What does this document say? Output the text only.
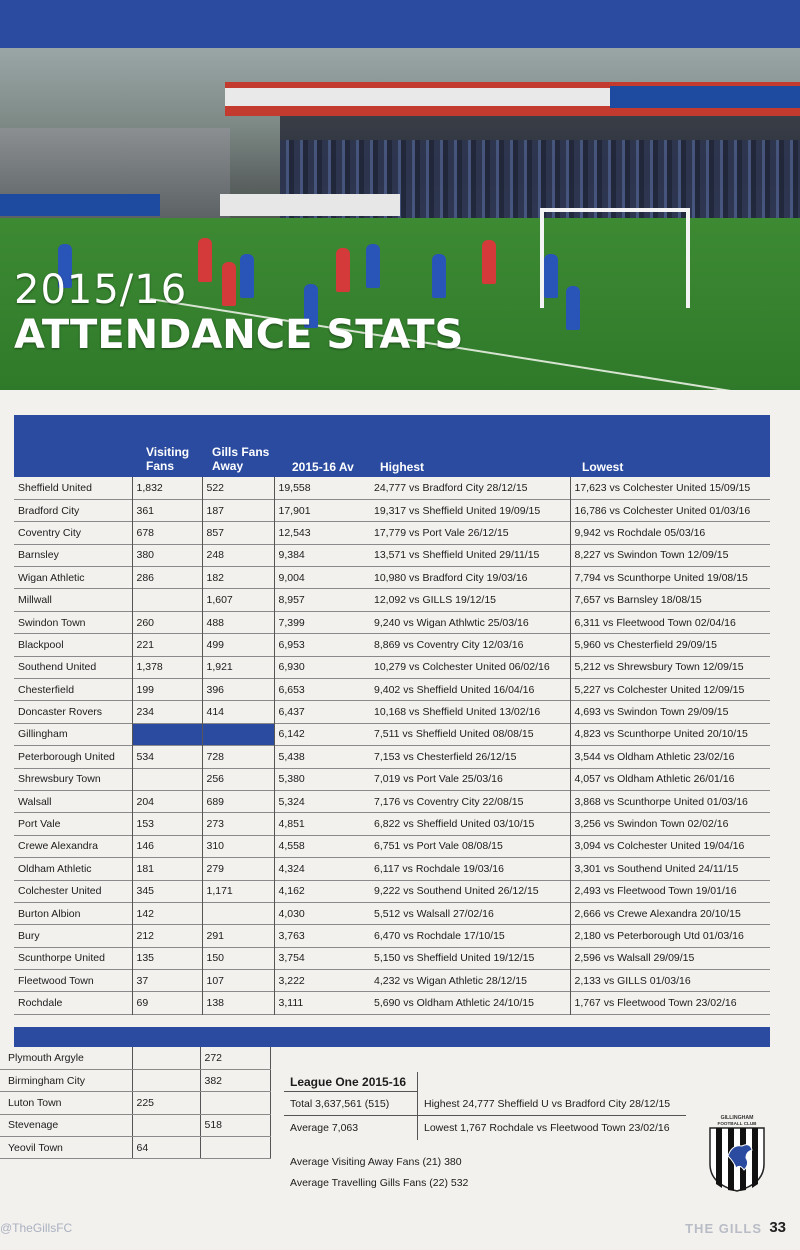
2015/16
ATTENDANCE STATS
Visiting
Fans
Gills Fans
Away	2015-16 Av Highest	Lowest
Sheffield United	1,832	522	19,558	24,777 vs Bradford City 28/12/15	17,623 vs Colchester United 15/09/15
Bradford City	361	187	17,901	19,317 vs Sheffield United 19/09/15	16,786 vs Colchester United 01/03/16
Coventry City	678	857	12,543	17,779 vs Port Vale 26/12/15	9,942 vs Rochdale 05/03/16
Barnsley	380	248	9,384	13,571 vs Sheffield United 29/11/15	8,227 vs Swindon Town 12/09/15
Wigan Athletic	286	182	9,004	10,980 vs Bradford City 19/03/16	7,794 vs Scunthorpe United 19/08/15
Millwall		1,607	8,957	12,092 vs GILLS 19/12/15	7,657 vs Barnsley 18/08/15
Swindon Town	260	488	7,399	9,240 vs Wigan Athlwtic 25/03/16	6,311 vs Fleetwood Town 02/04/16
Blackpool	221	499	6,953	8,869 vs Coventry City 12/03/16	5,960 vs Chesterfield 29/09/15
Southend United	1,378	1,921	6,930	10,279 vs Colchester United 06/02/16	5,212 vs Shrewsbury Town 12/09/15
Chesterfield	199	396	6,653	9,402 vs Sheffield United 16/04/16	5,227 vs Colchester United 12/09/15
Doncaster Rovers	234	414	6,437	10,168 vs Sheffield United 13/02/16	4,693 vs Swindon Town 29/09/15
Gillingham			6,142	7,511 vs Sheffield United 08/08/15	4,823 vs Scunthorpe United 20/10/15
Peterborough United	534	728	5,438	7,153 vs Chesterfield 26/12/15	3,544 vs Oldham Athletic 23/02/16
Shrewsbury Town		256	5,380	7,019 vs Port Vale 25/03/16	4,057 vs Oldham Athletic 26/01/16
Walsall	204	689	5,324	7,176 vs Coventry City 22/08/15	3,868 vs Scunthorpe United 01/03/16
Port Vale	153	273	4,851	6,822 vs Sheffield United 03/10/15	3,256 vs Swindon Town 02/02/16
Crewe Alexandra	146	310	4,558	6,751 vs Port Vale 08/08/15	3,094 vs Colchester United 19/04/16
Oldham Athletic	181	279	4,324	6,117 vs Rochdale 19/03/16	3,301 vs Southend United 24/11/15
Colchester United	345	1,171	4,162	9,222 vs Southend United 26/12/15	2,493 vs Fleetwood Town 19/01/16
Burton Albion	142		4,030	5,512 vs Walsall 27/02/16	2,666 vs Crewe Alexandra 20/10/15
Bury	212	291	3,763	6,470 vs Rochdale 17/10/15	2,180 vs Peterborough Utd 01/03/16
Scunthorpe United	135	150	3,754	5,150 vs Sheffield United 19/12/15	2,596 vs Walsall 29/09/15
Fleetwood Town	37	107	3,222	4,232 vs Wigan Athletic 28/12/15	2,133 vs GILLS 01/03/16
Rochdale	69	138	3,111	5,690 vs Oldham Athletic 24/10/15	1,767 vs Fleetwood Town 23/02/16
Plymouth Argyle		272
Birmingham City		382
Luton Town	225	
Stevenage		518
Yeovil Town	64	
League One 2015-16
Total 3,637,561 (515)	Highest 24,777 Sheffield U vs Bradford City 28/12/15
Average 7,063	Lowest 1,767 Rochdale vs Fleetwood Town 23/02/16
Average Visiting Away Fans (21) 380
Average Travelling Gills Fans (22) 532
GILLINGHAM
FOOTBALL CLUB
@TheGillsFC	THE GILLS 33
